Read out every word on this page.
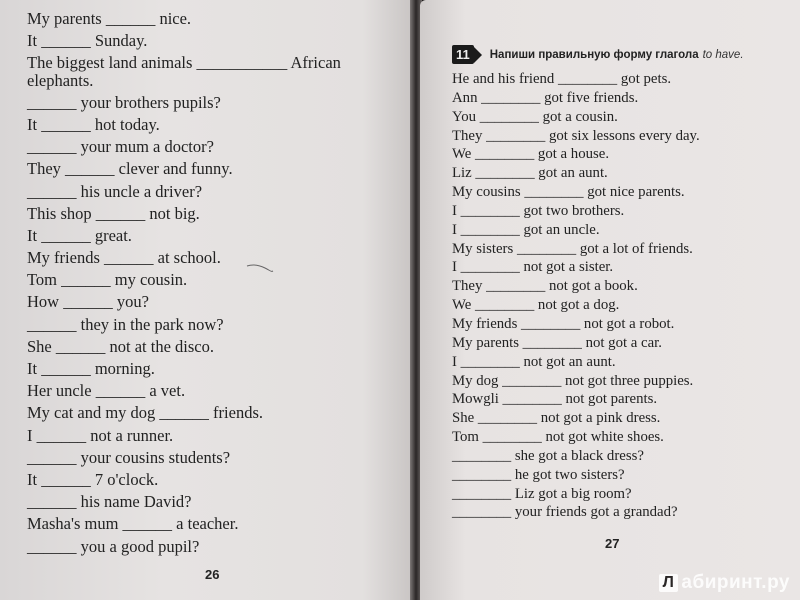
My parents ______ nice.
It ______ Sunday.
The biggest land animals ___________ African
elephants.
______ your brothers pupils?
It ______ hot today.
______ your mum a doctor?
They ______ clever and funny.
______ his uncle a driver?
This shop ______ not big.
It ______ great.
My friends ______ at school.
Tom ______ my cousin.
How ______ you?
______ they in the park now?
She ______ not at the disco.
It ______ morning.
Her uncle ______ a vet.
My cat and my dog ______ friends.
I ______ not a runner.
______ your cousins students?
It ______ 7 o'clock.
______ his name David?
Masha's mum ______ a teacher.
______ you a good pupil?
26
11	Напиши правильную форму глагола to have.
He and his friend ________ got pets.
Ann ________ got five friends.
You ________ got a cousin.
They ________ got six lessons every day.
We ________ got a house.
Liz ________ got an aunt.
My cousins ________ got nice parents.
I ________ got two brothers.
I ________ got an uncle.
My sisters ________ got a lot of friends.
I ________ not got a sister.
They ________ not got a book.
We ________ not got a dog.
My friends ________ not got a robot.
My parents ________ not got a car.
I ________ not got an aunt.
My dog ________ not got three puppies.
Mowgli ________ not got parents.
She ________ not got a pink dress.
Tom ________ not got white shoes.
________ she got a black dress?
________ he got two sisters?
________ Liz got a big room?
________ your friends got a grandad?
27
Л абиринт.ру
